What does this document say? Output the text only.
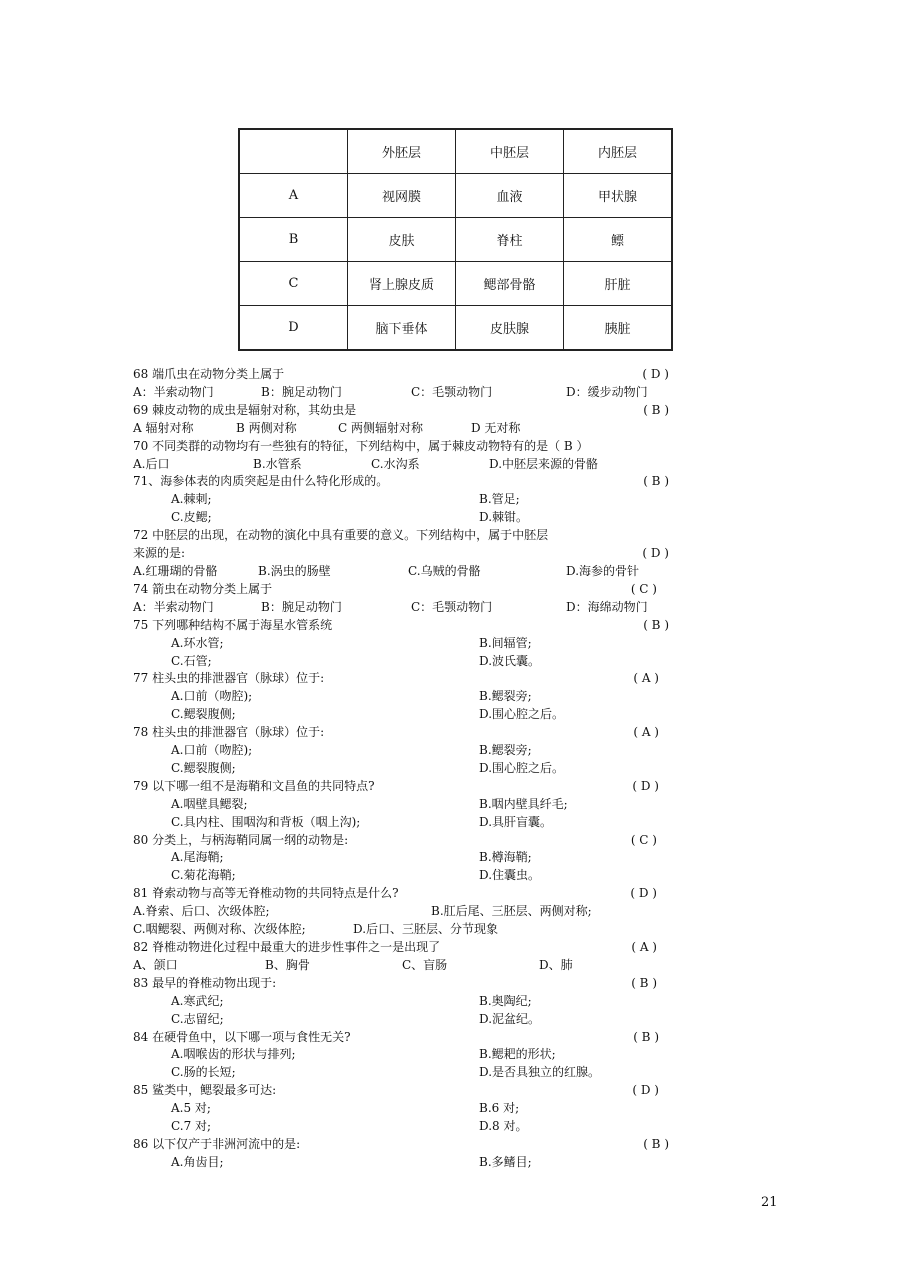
	外胚层	中胚层	内胚层
A	视网膜	血液	甲状腺
B	皮肤	脊柱	鳔
C	肾上腺皮质	鳃部骨骼	肝脏
D	脑下垂体	皮肤腺	胰脏
68 端爪虫在动物分类上属于	( D )
A：半索动物门	B：腕足动物门	C：毛颚动物门	D：缓步动物门
69 棘皮动物的成虫是辐射对称，其幼虫是	( B )
A 辐射对称	B 两侧对称	C 两侧辐射对称	D 无对称
70 不同类群的动物均有一些独有的特征，下列结构中，属于棘皮动物特有的是（ B ）
A.后口	B.水管系	C.水沟系	D.中胚层来源的骨骼
71、海参体表的肉质突起是由什么特化形成的。	( B )
A.棘刺;	B.管足;
C.皮鳃;	D.棘钳。
72 中胚层的出现，在动物的演化中具有重要的意义。下列结构中，属于中胚层
来源的是:	( D )
A.红珊瑚的骨骼	B.涡虫的肠壁	C.乌贼的骨骼	D.海参的骨针
74 箭虫在动物分类上属于	( C )
A：半索动物门	B：腕足动物门	C：毛颚动物门	D：海绵动物门
75 下列哪种结构不属于海星水管系统	( B )
A.环水管;	B.间辐管;
C.石管;	D.波氏囊。
77 柱头虫的排泄器官（脉球）位于:	( A )
A.口前（吻腔);	B.鳃裂旁;
C.鳃裂腹侧;	D.围心腔之后。
78 柱头虫的排泄器官（脉球）位于:	( A )
A.口前（吻腔);	B.鳃裂旁;
C.鳃裂腹侧;	D.围心腔之后。
79 以下哪一组不是海鞘和文昌鱼的共同特点?	( D )
A.咽壁具鳃裂;	B.咽内壁具纤毛;
C.具内柱、围咽沟和背板（咽上沟);	D.具肝盲囊。
80 分类上，与柄海鞘同属一纲的动物是:	( C )
A.尾海鞘;	B.樽海鞘;
C.菊花海鞘;	D.住囊虫。
81 脊索动物与高等无脊椎动物的共同特点是什么?	( D )
A.脊索、后口、次级体腔;	B.肛后尾、三胚层、两侧对称;
C.咽鳃裂、两侧对称、次级体腔;	D.后口、三胚层、分节现象
82 脊椎动物进化过程中最重大的进步性事件之一是出现了	( A )
A、颌口	B、胸骨	C、盲肠	D、肺
83 最早的脊椎动物出现于:	( B )
A.寒武纪;	B.奥陶纪;
C.志留纪;	D.泥盆纪。
84 在硬骨鱼中，以下哪一项与食性无关?	( B )
A.咽喉齿的形状与排列;	B.鳃耙的形状;
C.肠的长短;	D.是否具独立的红腺。
85 鲨类中，鳃裂最多可达:	( D )
A.5 对;	B.6 对;
C.7 对;	D.8 对。
86 以下仅产于非洲河流中的是:	( B )
A.角齿目;	B.多鳍目;
21
